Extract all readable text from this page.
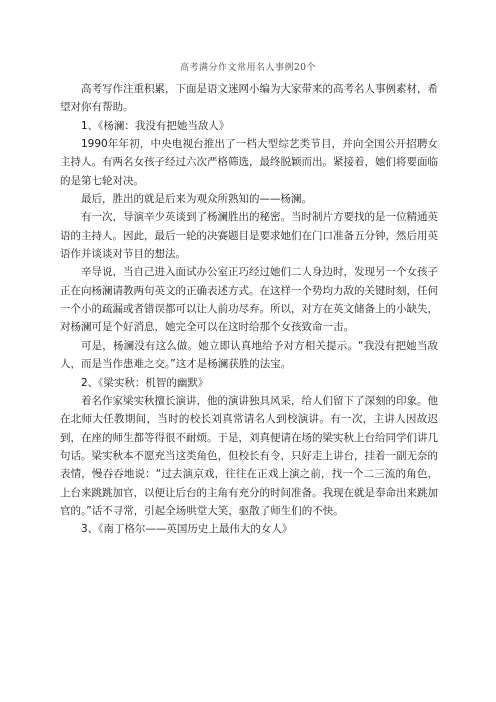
高考满分作文常用名人事例20个

高考写作注重积累，下面是语文迷网小编为大家带来的高考名人事例素材，希望对你有帮助。

1、《杨澜：我没有把她当敌人》

1990年年初，中央电视台推出了一档大型综艺类节目，并向全国公开招聘女主持人。有两名女孩子经过六次严格筛选，最终脱颖而出。紧接着，她们将要面临的是第七轮对决。

最后，胜出的就是后来为观众所熟知的——杨澜。

有一次，导演辛少英谈到了杨澜胜出的秘密。当时制片方要找的是一位精通英语的主持人。因此，最后一轮的决赛题目是要求她们在门口准备五分钟，然后用英语作并谈谈对节目的想法。

辛导说，当自己进入面试办公室正巧经过她们二人身边时，发现另一个女孩子正在向杨澜请教两句英文的正确表述方式。在这样一个势均力敌的关键时刻，任何一个小的疏漏或者错误都可以让人前功尽弃。所以，对方在英文储备上的小缺失，对杨澜可是个好消息，她完全可以在这时给那个女孩致命一击。

可是，杨澜没有这么做。她立即认真地给予对方相关提示。“我没有把她当敌人，而是当作患难之交。”这才是杨澜获胜的法宝。

2、《梁实秋：机智的幽默》

着名作家梁实秋擅长演讲，他的演讲独具风采，给人们留下了深刻的印象。他在北师大任教期间，当时的校长刘真常请名人到校演讲。有一次，主讲人因故迟到，在座的师生都等得很不耐烦。于是，刘真便请在场的梁实秋上台给同学们讲几句话。梁实秋本不愿充当这类角色，但校长有令，只好走上讲台，挂着一副无奈的表情，慢吞吞地说：“过去演京戏，往往在正戏上演之前，找一个二三流的角色，上台来跳跳加官，以便让后台的主角有充分的时间准备。我现在就是奉命出来跳加官的。”话不寻常，引起全场哄堂大笑，驱散了师生们的不快。

3、《南丁格尔——英国历史上最伟大的女人》
